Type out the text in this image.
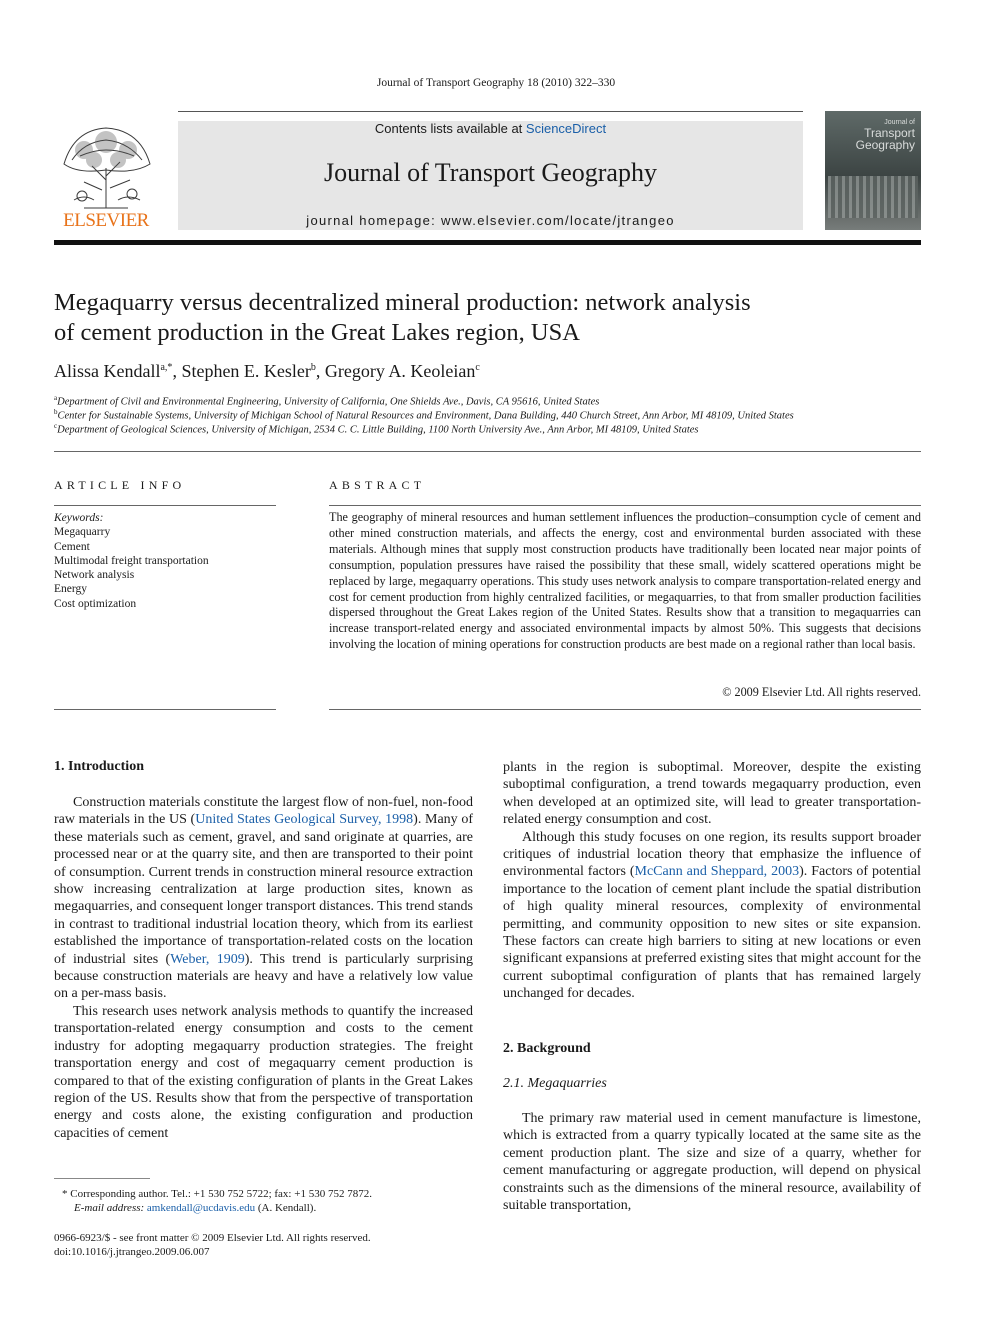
Journal of Transport Geography 18 (2010) 322–330
ELSEVIER
Contents lists available at ScienceDirect
Journal of Transport Geography
journal homepage: www.elsevier.com/locate/jtrangeo
Journal of
Transport
Geography
Megaquarry versus decentralized mineral production: network analysis
of cement production in the Great Lakes region, USA
Alissa Kendall$^{a,*}$, Stephen E. Kesler$^b$, Gregory A. Keoleian$^c$
$^a$Department of Civil and Environmental Engineering, University of California, One Shields Ave., Davis, CA 95616, United States
$^b$Center for Sustainable Systems, University of Michigan School of Natural Resources and Environment, Dana Building, 440 Church Street, Ann Arbor, MI 48109, United States
$^c$Department of Geological Sciences, University of Michigan, 2534 C. C. Little Building, 1100 North University Ave., Ann Arbor, MI 48109, United States
ARTICLE INFO
Keywords:
Megaquarry
Cement
Multimodal freight transportation
Network analysis
Energy
Cost optimization
ABSTRACT
The geography of mineral resources and human settlement influences the production–consumption cycle of cement and other mined construction materials, and affects the energy, cost and environmental burden associated with these materials. Although mines that supply most construction products have traditionally been located near major points of consumption, population pressures have raised the possibility that these small, widely scattered operations might be replaced by large, megaquarry operations. This study uses network analysis to compare transportation-related energy and cost for cement production from highly centralized facilities, or megaquarries, to that from smaller production facilities dispersed throughout the Great Lakes region of the United States. Results show that a transition to megaquarries can increase transport-related energy and associated environmental impacts by almost 50%. This suggests that decisions involving the location of mining operations for construction products are best made on a regional rather than local basis.
© 2009 Elsevier Ltd. All rights reserved.
1. Introduction

Construction materials constitute the largest flow of non-fuel, non-food raw materials in the US (United States Geological Survey, 1998). Many of these materials such as cement, gravel, and sand originate at quarries, are processed near or at the quarry site, and then are transported to their point of consumption. Current trends in construction mineral resource extraction show increasing centralization at large production sites, known as megaquarries, and consequent longer transport distances. This trend stands in contrast to traditional industrial location theory, which from its earliest established the importance of transportation-related costs on the location of industrial sites (Weber, 1909). This trend is particularly surprising because construction materials are heavy and have a relatively low value on a per-mass basis.

This research uses network analysis methods to quantify the increased transportation-related energy consumption and costs to the cement industry for adopting megaquarry production strategies. The freight transportation energy and cost of megaquarry cement production is compared to that of the existing configuration of plants in the Great Lakes region of the US. Results show that from the perspective of transportation energy and costs alone, the existing configuration and production capacities of cement

plants in the region is suboptimal. Moreover, despite the existing suboptimal configuration, a trend towards megaquarry production, even when developed at an optimized site, will lead to greater transportation-related energy consumption and cost.

Although this study focuses on one region, its results support broader critiques of industrial location theory that emphasize the influence of environmental factors (McCann and Sheppard, 2003). Factors of potential importance to the location of cement plant include the spatial distribution of high quality mineral resources, complexity of environmental permitting, and community opposition to new sites or site expansion. These factors can create high barriers to siting at new locations or even significant expansions at preferred existing sites that might account for the current suboptimal configuration of plants that has remained largely unchanged for decades.

2. Background
2.1. Megaquarries

The primary raw material used in cement manufacture is limestone, which is extracted from a quarry typically located at the same site as the cement production plant. The size and size of a quarry, whether for cement manufacturing or aggregate production, will depend on physical constraints such as the dimensions of the mineral resource, availability of suitable transportation,

* Corresponding author. Tel.: +1 530 752 5722; fax: +1 530 752 7872.
E-mail address: amkendall@ucdavis.edu (A. Kendall).
0966-6923/$ - see front matter © 2009 Elsevier Ltd. All rights reserved.
doi:10.1016/j.jtrangeo.2009.06.007
